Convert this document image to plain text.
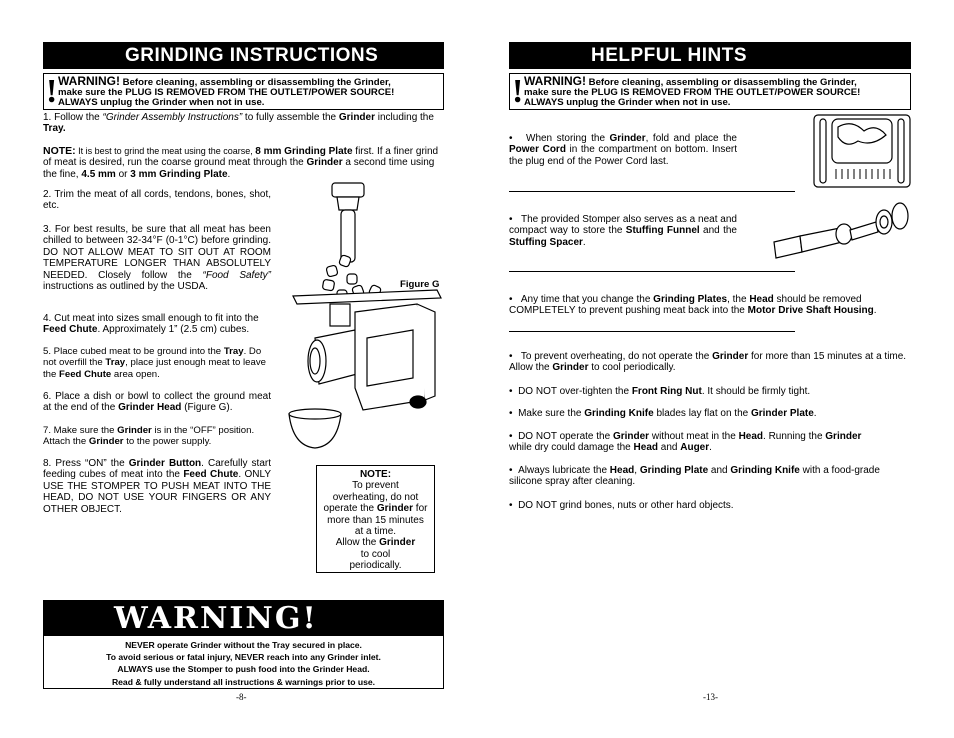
GRINDING INSTRUCTIONS
! WARNING! Before cleaning, assembling or disassembling the Grinder,
make sure the PLUG IS REMOVED FROM THE OUTLET/POWER SOURCE!
ALWAYS unplug the Grinder when not in use.
1. Follow the “Grinder Assembly Instructions” to fully assemble the Grinder including the
Tray.
NOTE: It is best to grind the meat using the coarse, 8 mm Grinding Plate first. If a finer grind of meat is desired, run the coarse ground meat through the Grinder a second time using the fine, 4.5 mm or 3 mm Grinding Plate.
2. Trim the meat of all cords, tendons, bones, shot, etc.
3. For best results, be sure that all meat has been chilled to between 32-34°F (0-1°C) before grinding. DO NOT ALLOW MEAT TO SIT OUT AT ROOM TEMPERATURE LONGER THAN ABSOLUTELY NEEDED. Closely follow the “Food Safety” instructions as outlined by the USDA.
4. Cut meat into sizes small enough to fit into the Feed Chute. Approximately 1” (2.5 cm) cubes.
5. Place cubed meat to be ground into the Tray. Do not overfill the Tray, place just enough meat to leave the Feed Chute area open.
6. Place a dish or bowl to collect the ground meat at the end of the Grinder Head (Figure G).
7. Make sure the Grinder is in the “OFF” position. Attach the Grinder to the power supply.
8. Press “ON” the Grinder Button. Carefully start feeding cubes of meat into the Feed Chute. ONLY USE THE STOMPER TO PUSH MEAT INTO THE HEAD, DO NOT USE YOUR FINGERS OR ANY OTHER OBJECT.
Figure G
NOTE:
To prevent
overheating, do not
operate the Grinder for
more than 15 minutes
at a time.
Allow the Grinder
to cool
periodically.
WARNING!
NEVER operate Grinder without the Tray secured in place.
To avoid serious or fatal injury, NEVER reach into any Grinder inlet.
ALWAYS use the Stomper to push food into the Grinder Head.
Read & fully understand all instructions & warnings prior to use.
-8-
HELPFUL HINTS
! WARNING! Before cleaning, assembling or disassembling the Grinder,
make sure the PLUG IS REMOVED FROM THE OUTLET/POWER SOURCE!
ALWAYS unplug the Grinder when not in use.
• When storing the Grinder, fold and place the Power Cord in the compartment on bottom. Insert the plug end of the Power Cord last.
• The provided Stomper also serves as a neat and compact way to store the Stuffing Funnel and the Stuffing Spacer.
• Any time that you change the Grinding Plates, the Head should be removed COMPLETELY to prevent pushing meat back into the Motor Drive Shaft Housing.
• To prevent overheating, do not operate the Grinder for more than 15 minutes at a time. Allow the Grinder to cool periodically.
• DO NOT over-tighten the Front Ring Nut. It should be firmly tight.
• Make sure the Grinding Knife blades lay flat on the Grinder Plate.
• DO NOT operate the Grinder without meat in the Head. Running the Grinder
while dry could damage the Head and Auger.
• Always lubricate the Head, Grinding Plate and Grinding Knife with a food-grade silicone spray after cleaning.
• DO NOT grind bones, nuts or other hard objects.
-13-
